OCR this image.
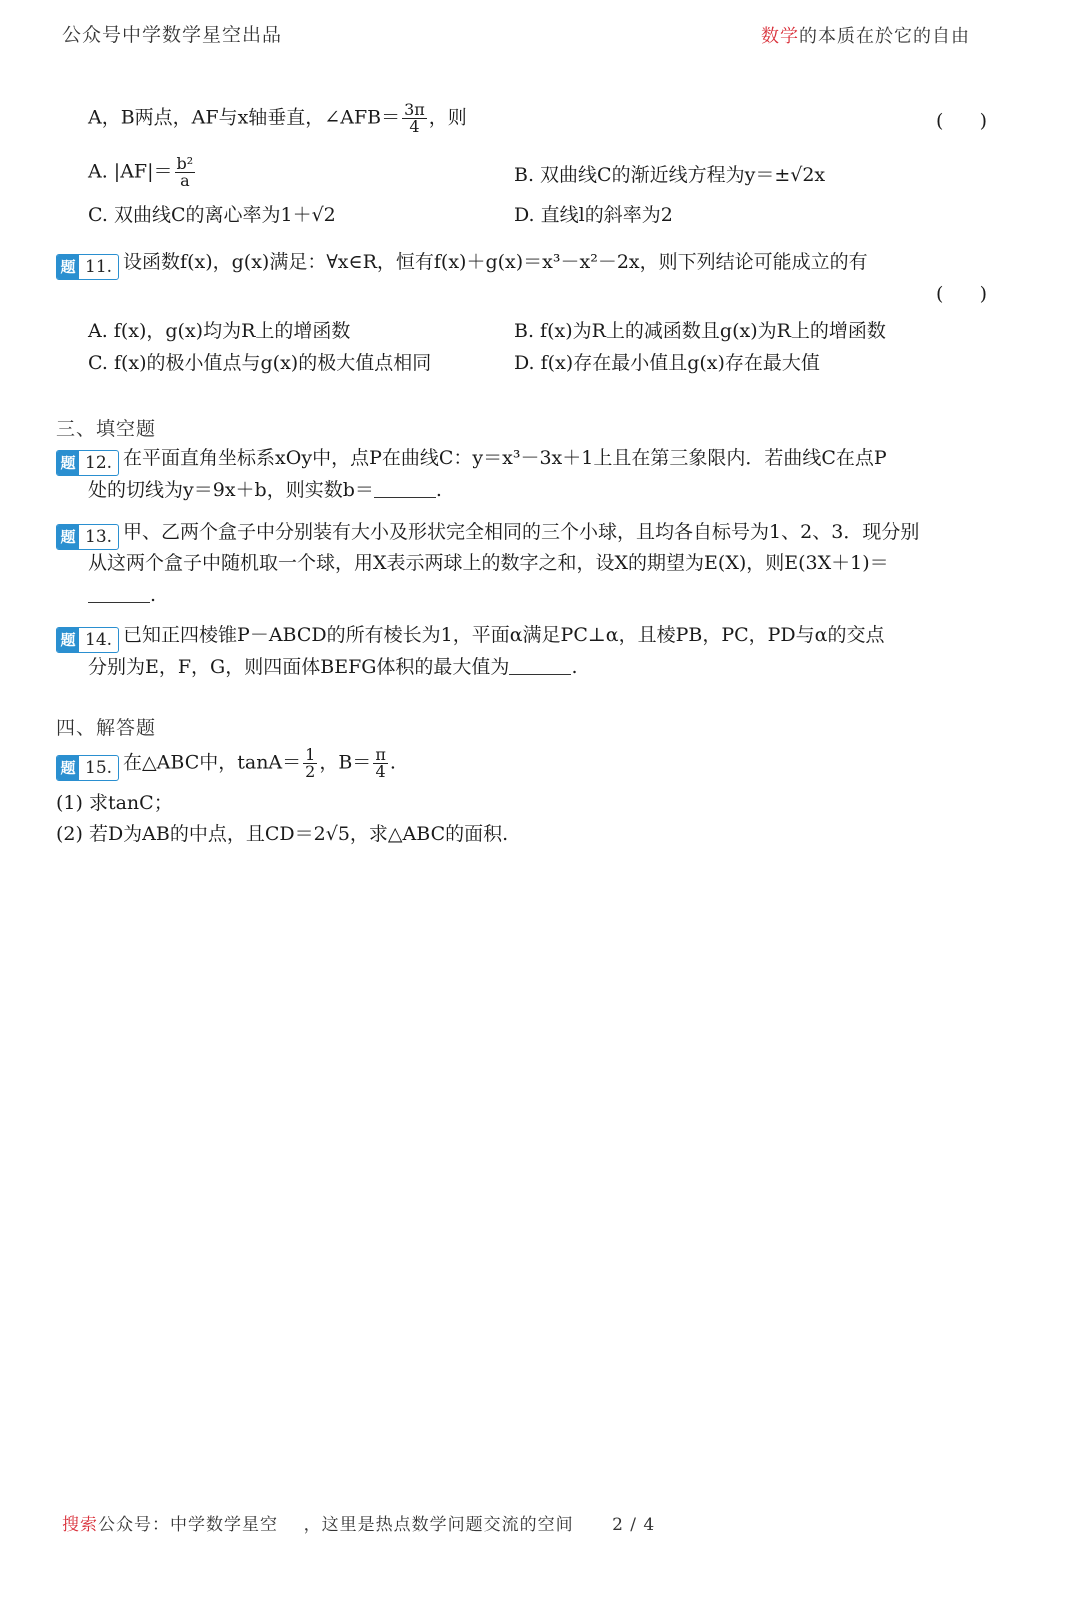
公众号中学数学星空出品	数学的本质在於它的自由
A，B两点，AF与x轴垂直，∠AFB＝ $\frac{3\pi}{4}$ ，则	(      )
A. $|AF|= \frac{\text{b²}}{a}$	B. 双曲线C的渐近线方程为y＝±√2x
C. 双曲线C的离心率为1＋√2	D. 直线l的斜率为2
题 11. 设函数f(x)，g(x)满足：∀x∈R，恒有f(x)＋g(x)＝x³－x²－2x，则下列结论可能成立的有
(      )
A. f(x)，g(x)均为R上的增函数	B. f(x)为R上的减函数且g(x)为R上的增函数
C. f(x)的极小值点与g(x)的极大值点相同	D. f(x)存在最小值且g(x)存在最大值
三、填空题
题 12. 在平面直角坐标系xOy中，点P在曲线C：y＝x³－3x＋1上且在第三象限内．若曲线C在点P
处的切线为y＝9x＋b，则实数b＝	.
题 13. 甲、乙两个盒子中分别装有大小及形状完全相同的三个小球，且均各自标号为1、2、3．现分别
从这两个盒子中随机取一个球，用X表示两球上的数字之和，设X的期望为E(X)，则E(3X＋1)＝
.
题 14. 已知正四棱锥P－ABCD的所有棱长为1，平面α满足PC⊥α，且棱PB，PC，PD与α的交点
分别为E，F，G，则四面体BEFG体积的最大值为	.
四、解答题
题 15. 在△ABC中，$\tan A= \frac{1}{2}$ ，$B= \frac{\pi}{4}$ .
(1) 求tanC；
(2) 若D为AB的中点，且CD＝2√5，求△ABC的面积.
搜索公众号：中学数学星空    ，这里是热点数学问题交流的空间 2 / 4
